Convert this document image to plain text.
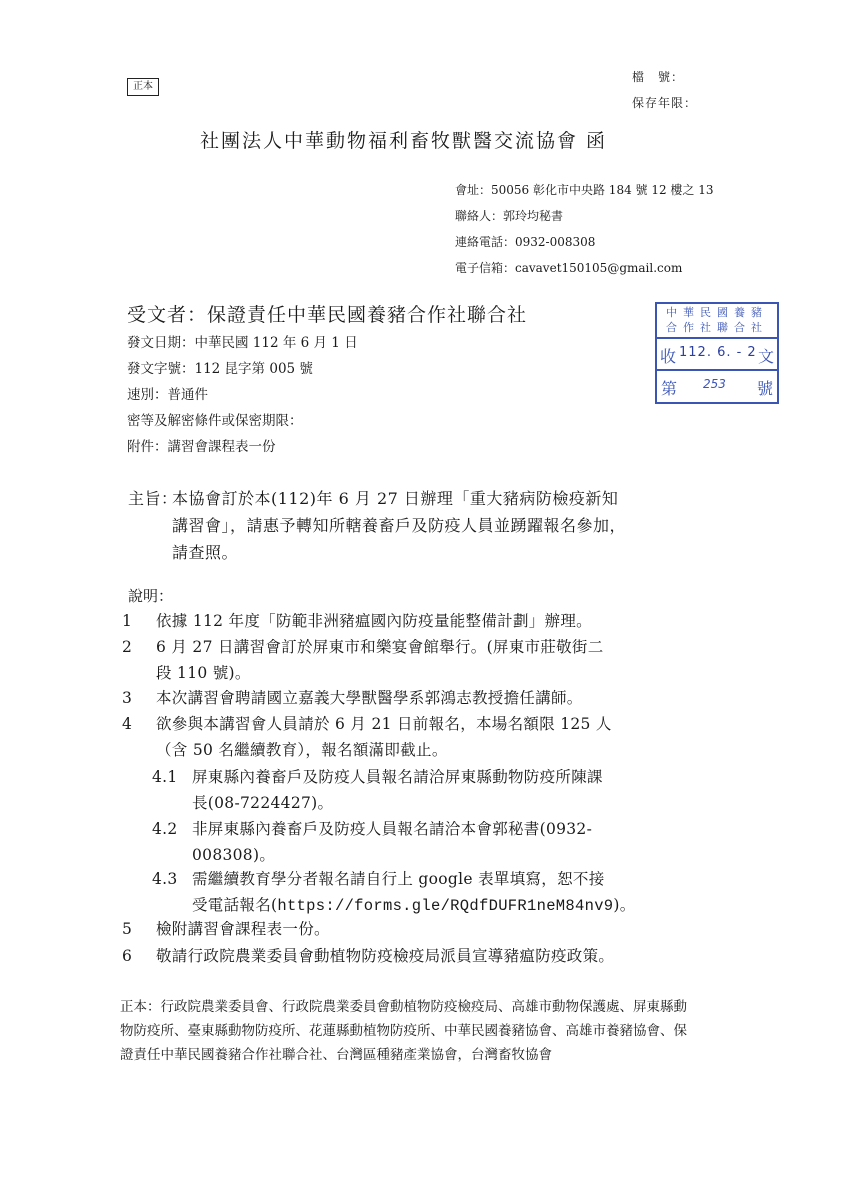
正本
檔　號：
保存年限：
社團法人中華動物福利畜牧獸醫交流協會 函
會址：50056 彰化市中央路 184 號 12 樓之 13
聯絡人：郭玲均秘書
連絡電話：0932-008308
電子信箱：cavavet150105@gmail.com
受文者：保證責任中華民國養豬合作社聯合社
發文日期：中華民國 112 年 6 月 1 日
發文字號：112 昆字第 005 號
速別：普通件
密等及解密條件或保密期限：
附件：講習會課程表一份
中華民國養豬
合作社聯合社
收 112. 6. - 2 文
第 253 號
主旨：本協會訂於本(112)年 6 月 27 日辦理「重大豬病防檢疫新知
講習會」，請惠予轉知所轄養畜戶及防疫人員並踴躍報名參加，
請查照。
說明：
1 依據 112 年度「防範非洲豬瘟國內防疫量能整備計劃」辦理。
2 6 月 27 日講習會訂於屏東市和樂宴會館舉行。(屏東市莊敬街二
段 110 號)。
3 本次講習會聘請國立嘉義大學獸醫學系郭鴻志教授擔任講師。
4 欲參與本講習會人員請於 6 月 21 日前報名，本場名額限 125 人
（含 50 名繼續教育），報名額滿即截止。
4.1 屏東縣內養畜戶及防疫人員報名請洽屏東縣動物防疫所陳課
長(08-7224427)。
4.2 非屏東縣內養畜戶及防疫人員報名請洽本會郭秘書(0932-
008308)。
4.3 需繼續教育學分者報名請自行上 google 表單填寫，恕不接
受電話報名(https://forms.gle/RQdfDUFR1neM84nv9)。
5 檢附講習會課程表一份。
6 敬請行政院農業委員會動植物防疫檢疫局派員宣導豬瘟防疫政策。
正本：行政院農業委員會、行政院農業委員會動植物防疫檢疫局、高雄市動物保護處、屏東縣動物防疫所、臺東縣動物防疫所、花蓮縣動植物防疫所、中華民國養豬協會、高雄市養豬協會、保證責任中華民國養豬合作社聯合社、台灣區種豬產業協會，台灣畜牧協會
